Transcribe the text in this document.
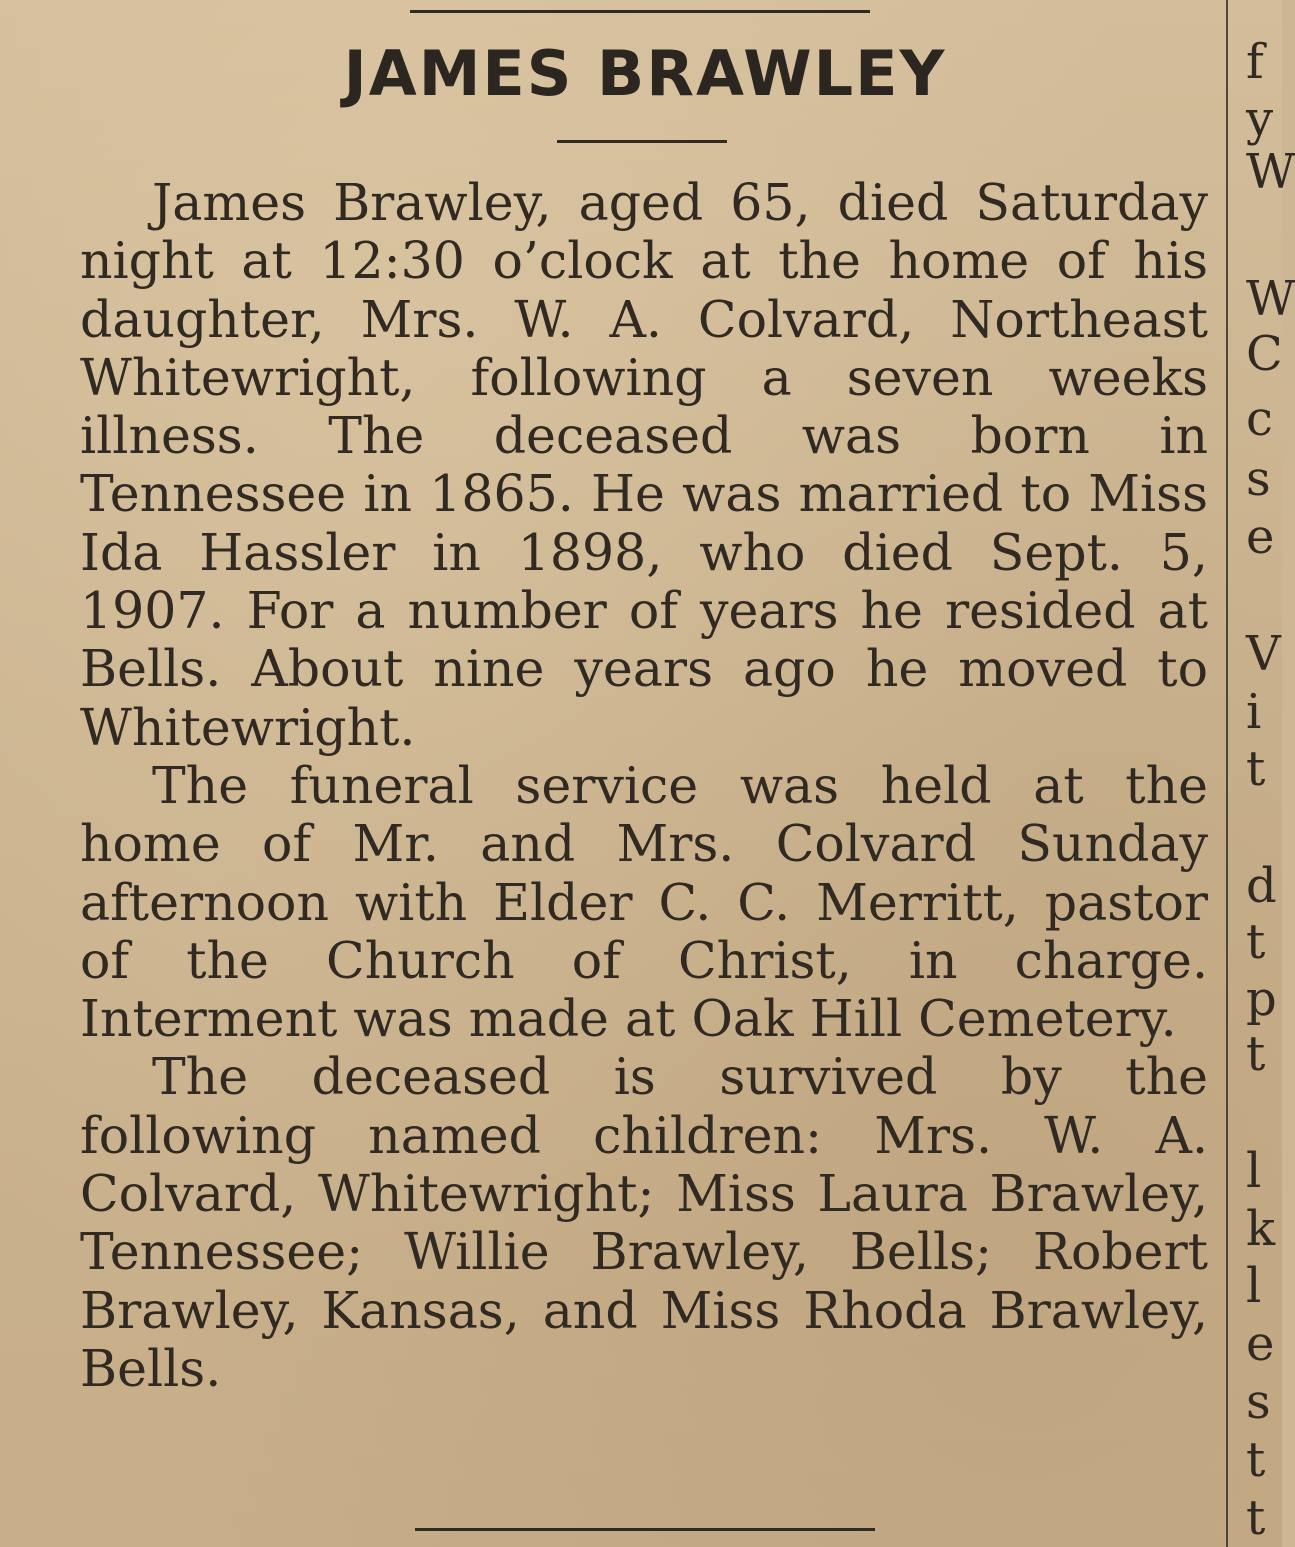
JAMES BRAWLEY

James Brawley, aged 65, died Saturday night at 12:30 o’clock at the home of his daughter, Mrs. W. A. Colvard, Northeast Whitewright, following a seven weeks illness. The deceased was born in Tennessee in 1865. He was married to Miss Ida Hassler in 1898, who died Sept. 5, 1907. For a number of years he resided at Bells. About nine years ago he moved to Whitewright.

The funeral service was held at the home of Mr. and Mrs. Colvard Sunday afternoon with Elder C. C. Merritt, pastor of the Church of Christ, in charge. Interment was made at Oak Hill Cemetery.

The deceased is survived by the following named children: Mrs. W. A. Colvard, Whitewright; Miss Laura Brawley, Tennessee; Willie Brawley, Bells; Robert Brawley, Kansas, and Miss Rhoda Brawley, Bells.

f
y
W
W
C
c
s
e
V
i
t
d
t
p
t
l
k
l
e
s
t
t
